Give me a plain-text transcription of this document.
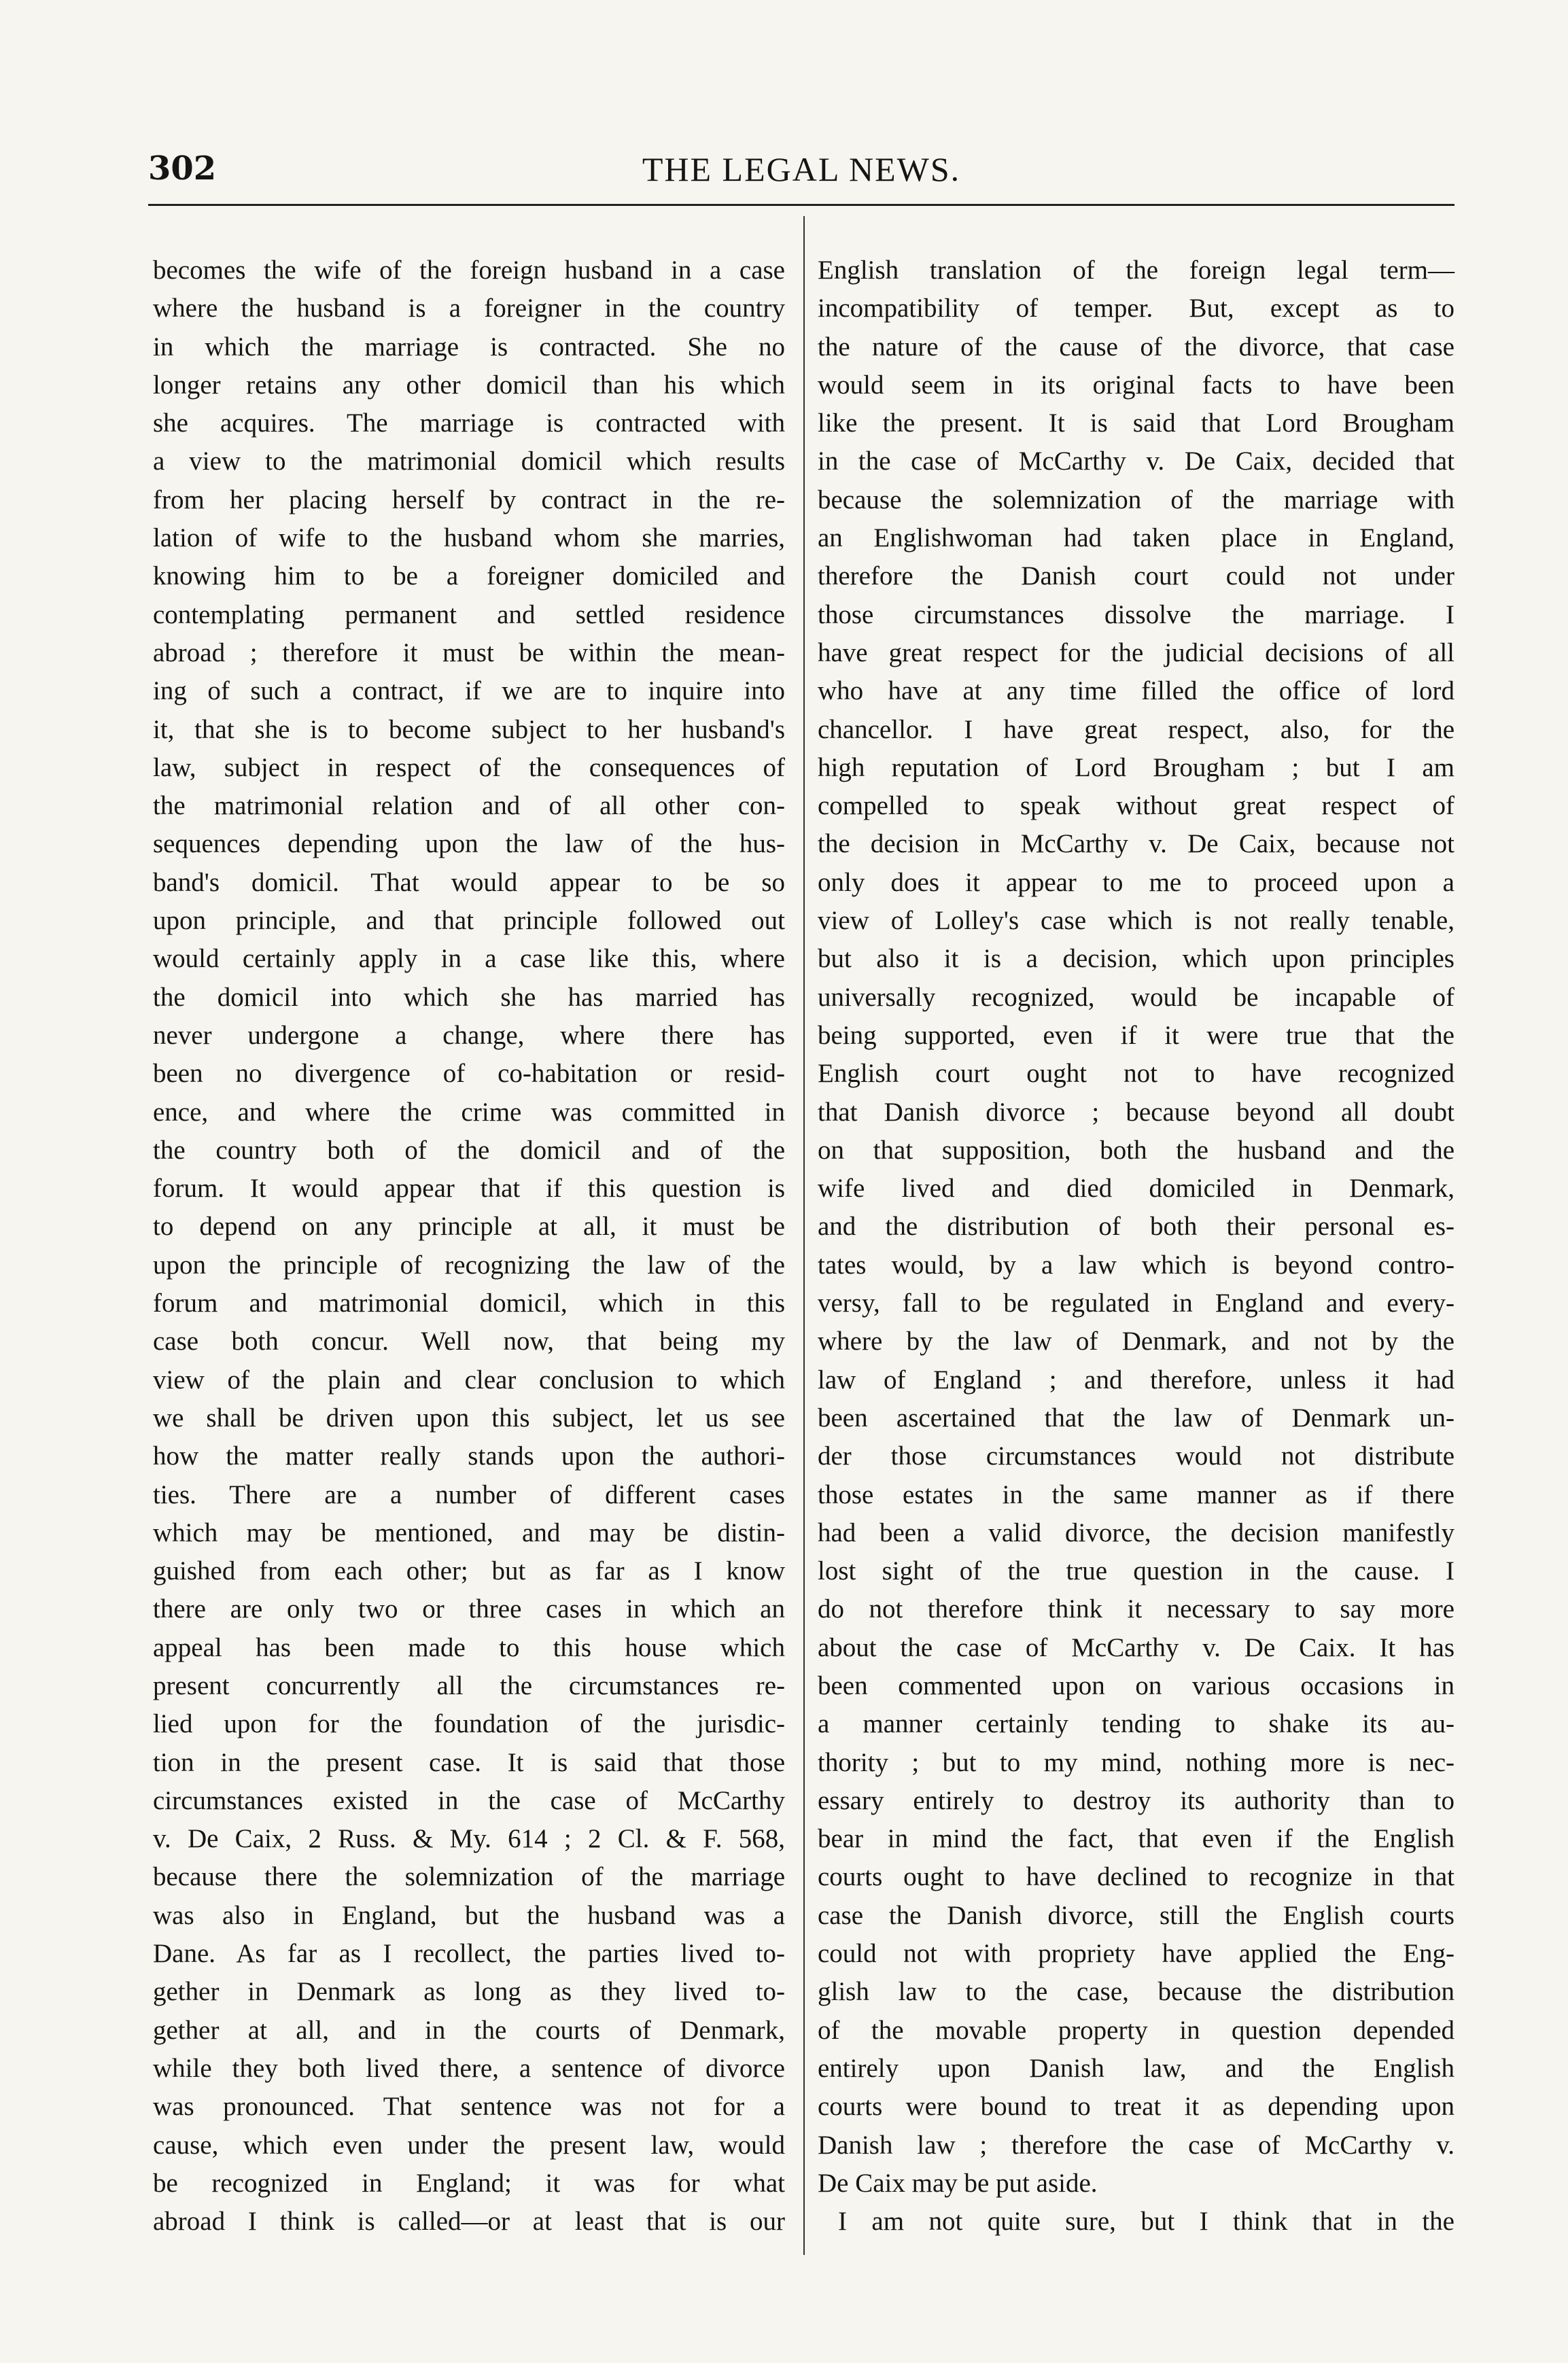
302	THE LEGAL NEWS.
becomes the wife of the foreign husband in a case
where the husband is a foreigner in the country
in which the marriage is contracted. She no
longer retains any other domicil than his which
she acquires. The marriage is contracted with
a view to the matrimonial domicil which results
from her placing herself by contract in the re-
lation of wife to the husband whom she marries,
knowing him to be a foreigner domiciled and
contemplating permanent and settled residence
abroad ; therefore it must be within the mean-
ing of such a contract, if we are to inquire into
it, that she is to become subject to her husband's
law, subject in respect of the consequences of
the matrimonial relation and of all other con-
sequences depending upon the law of the hus-
band's domicil. That would appear to be so
upon principle, and that principle followed out
would certainly apply in a case like this, where
the domicil into which she has married has
never undergone a change, where there has
been no divergence of co-habitation or resid-
ence, and where the crime was committed in
the country both of the domicil and of the
forum. It would appear that if this question is
to depend on any principle at all, it must be
upon the principle of recognizing the law of the
forum and matrimonial domicil, which in this
case both concur. Well now, that being my
view of the plain and clear conclusion to which
we shall be driven upon this subject, let us see
how the matter really stands upon the authori-
ties. There are a number of different cases
which may be mentioned, and may be distin-
guished from each other; but as far as I know
there are only two or three cases in which an
appeal has been made to this house which
present concurrently all the circumstances re-
lied upon for the foundation of the jurisdic-
tion in the present case. It is said that those
circumstances existed in the case of McCarthy
v. De Caix, 2 Russ. & My. 614 ; 2 Cl. & F. 568,
because there the solemnization of the marriage
was also in England, but the husband was a
Dane. As far as I recollect, the parties lived to-
gether in Denmark as long as they lived to-
gether at all, and in the courts of Denmark,
while they both lived there, a sentence of divorce
was pronounced. That sentence was not for a
cause, which even under the present law, would
be recognized in England; it was for what
abroad I think is called—or at least that is our
English translation of the foreign legal term—
incompatibility of temper. But, except as to
the nature of the cause of the divorce, that case
would seem in its original facts to have been
like the present. It is said that Lord Brougham
in the case of McCarthy v. De Caix, decided that
because the solemnization of the marriage with
an Englishwoman had taken place in England,
therefore the Danish court could not under
those circumstances dissolve the marriage. I
have great respect for the judicial decisions of all
who have at any time filled the office of lord
chancellor. I have great respect, also, for the
high reputation of Lord Brougham ; but I am
compelled to speak without great respect of
the decision in McCarthy v. De Caix, because not
only does it appear to me to proceed upon a
view of Lolley's case which is not really tenable,
but also it is a decision, which upon principles
universally recognized, would be incapable of
being supported, even if it were true that the
English court ought not to have recognized
that Danish divorce ; because beyond all doubt
on that supposition, both the husband and the
wife lived and died domiciled in Denmark,
and the distribution of both their personal es-
tates would, by a law which is beyond contro-
versy, fall to be regulated in England and every-
where by the law of Denmark, and not by the
law of England ; and therefore, unless it had
been ascertained that the law of Denmark un-
der those circumstances would not distribute
those estates in the same manner as if there
had been a valid divorce, the decision manifestly
lost sight of the true question in the cause. I
do not therefore think it necessary to say more
about the case of McCarthy v. De Caix. It has
been commented upon on various occasions in
a manner certainly tending to shake its au-
thority ; but to my mind, nothing more is nec-
essary entirely to destroy its authority than to
bear in mind the fact, that even if the English
courts ought to have declined to recognize in that
case the Danish divorce, still the English courts
could not with propriety have applied the Eng-
glish law to the case, because the distribution
of the movable property in question depended
entirely upon Danish law, and the English
courts were bound to treat it as depending upon
Danish law ; therefore the case of McCarthy v.
De Caix may be put aside.
I am not quite sure, but I think that in the
